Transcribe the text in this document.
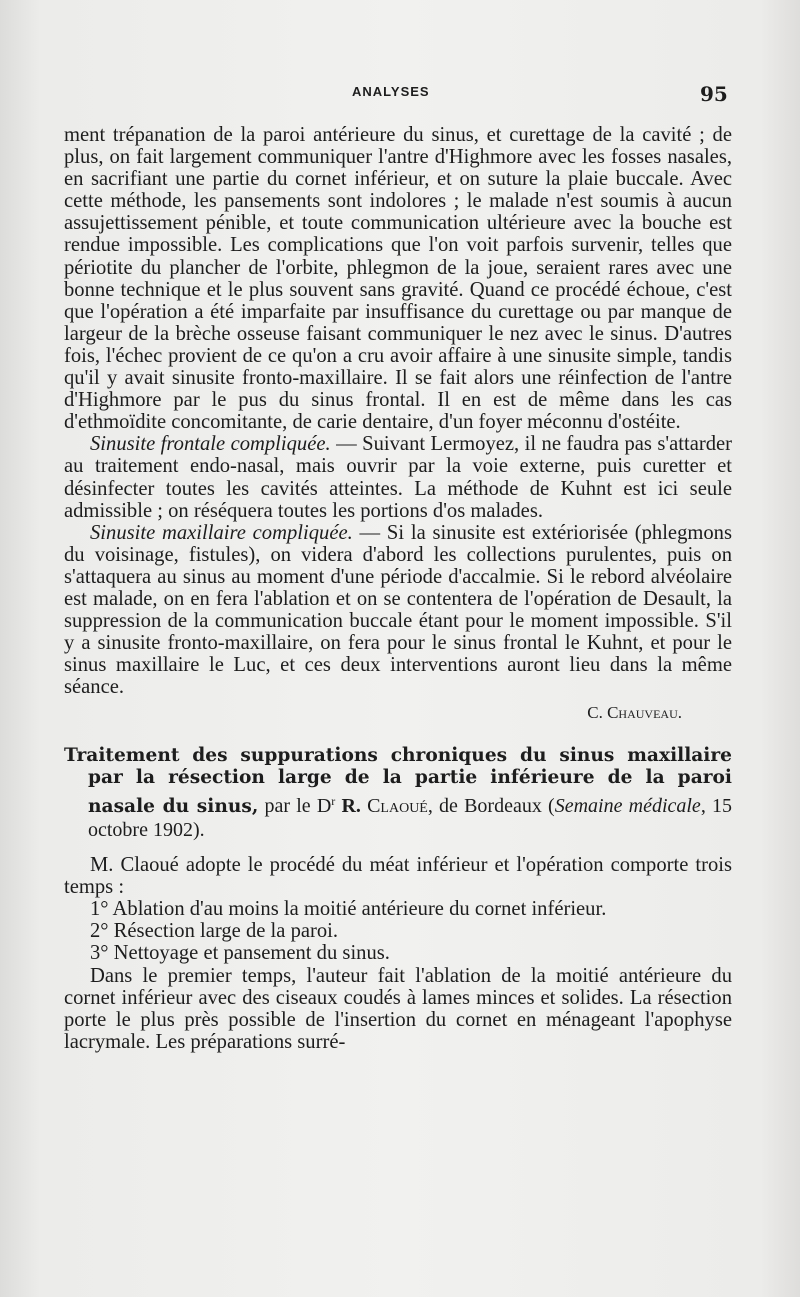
ANALYSES	95

ment trépanation de la paroi antérieure du sinus, et curettage de la cavité ; de plus, on fait largement communiquer l'antre d'Highmore avec les fosses nasales, en sacrifiant une partie du cornet inférieur, et on suture la plaie buccale. Avec cette méthode, les pansements sont indolores ; le malade n'est soumis à aucun assujettissement pénible, et toute communication ultérieure avec la bouche est rendue impossible. Les complications que l'on voit parfois survenir, telles que périotite du plancher de l'orbite, phlegmon de la joue, seraient rares avec une bonne technique et le plus souvent sans gravité. Quand ce procédé échoue, c'est que l'opération a été imparfaite par insuffisance du curettage ou par manque de largeur de la brèche osseuse faisant communiquer le nez avec le sinus. D'autres fois, l'échec provient de ce qu'on a cru avoir affaire à une sinusite simple, tandis qu'il y avait sinusite fronto-maxillaire. Il se fait alors une réinfection de l'antre d'Highmore par le pus du sinus frontal. Il en est de même dans les cas d'ethmoïdite concomitante, de carie dentaire, d'un foyer méconnu d'ostéite.

Sinusite frontale compliquée. — Suivant Lermoyez, il ne faudra pas s'attarder au traitement endo-nasal, mais ouvrir par la voie externe, puis curetter et désinfecter toutes les cavités atteintes. La méthode de Kuhnt est ici seule admissible ; on réséquera toutes les portions d'os malades.

Sinusite maxillaire compliquée. — Si la sinusite est extériorisée (phlegmons du voisinage, fistules), on videra d'abord les collections purulentes, puis on s'attaquera au sinus au moment d'une période d'accalmie. Si le rebord alvéolaire est malade, on en fera l'ablation et on se contentera de l'opération de Desault, la suppression de la communication buccale étant pour le moment impossible. S'il y a sinusite fronto-maxillaire, on fera pour le sinus frontal le Kuhnt, et pour le sinus maxillaire le Luc, et ces deux interventions auront lieu dans la même séance.

C. Chauveau.

Traitement des suppurations chroniques du sinus maxillaire par la résection large de la partie inférieure de la paroi nasale du sinus, par le $D^r$ R. Claoué, de Bordeaux (Semaine médicale, 15 octobre 1902).

M. Claoué adopte le procédé du méat inférieur et l'opération comporte trois temps :

1° Ablation d'au moins la moitié antérieure du cornet inférieur.

2° Résection large de la paroi.

3° Nettoyage et pansement du sinus.

Dans le premier temps, l'auteur fait l'ablation de la moitié antérieure du cornet inférieur avec des ciseaux coudés à lames minces et solides. La résection porte le plus près possible de l'insertion du cornet en ménageant l'apophyse lacrymale. Les préparations surré-
